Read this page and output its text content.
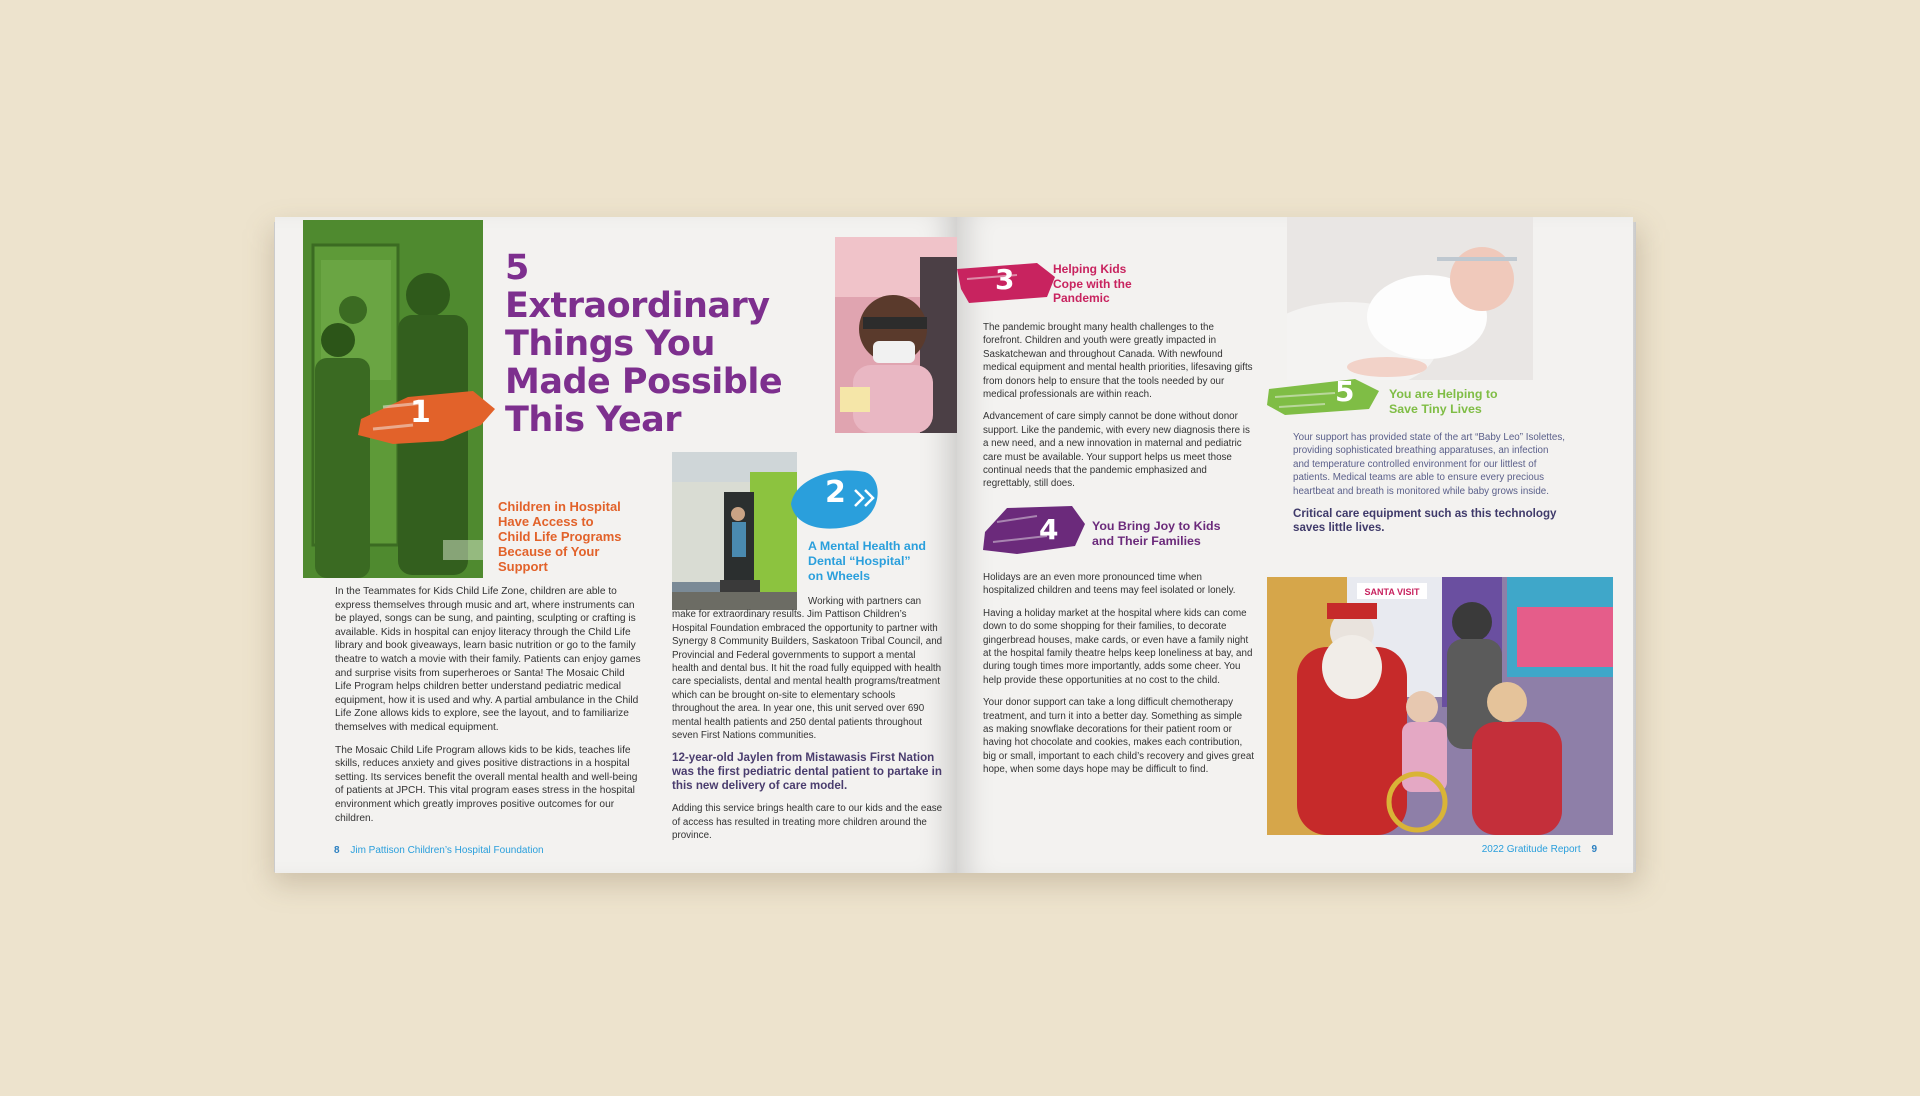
5 Extraordinary
Things You
Made Possible
This Year
1
Children in Hospital
Have Access to
Child Life Programs
Because of Your
Support

In the Teammates for Kids Child Life Zone, children are able to express themselves through music and art, where instruments can be played, songs can be sung, and painting, sculpting or crafting is available. Kids in hospital can enjoy literacy through the Child Life library and book giveaways, learn basic nutrition or go to the family theatre to watch a movie with their family. Patients can enjoy games and surprise visits from superheroes or Santa! The Mosaic Child Life Program helps children better understand pediatric medical equipment, how it is used and why. A partial ambulance in the Child Life Zone allows kids to explore, see the layout, and to familiarize themselves with medical equipment.

The Mosaic Child Life Program allows kids to be kids, teaches life skills, reduces anxiety and gives positive distractions in a hospital setting. Its services benefit the overall mental health and well-being of patients at JPCH. This vital program eases stress in the hospital environment which greatly improves positive outcomes for our children.

2
A Mental Health and
Dental “Hospital”
on Wheels

Working with partners can make for extraordinary results. Jim Pattison Children’s Hospital Foundation embraced the opportunity to partner with Synergy 8 Community Builders, Saskatoon Tribal Council, and Provincial and Federal governments to support a mental health and dental bus. It hit the road fully equipped with health care specialists, dental and mental health programs/treatment which can be brought on-site to elementary schools throughout the area. In year one, this unit served over 690 mental health patients and 250 dental patients throughout seven First Nations communities.

12-year-old Jaylen from Mistawasis First Nation was the first pediatric dental patient to partake in this new delivery of care model.

Adding this service brings health care to our kids and the ease of access has resulted in treating more children around the province.

8 Jim Pattison Children’s Hospital Foundation
3	Helping Kids
Cope with the
Pandemic

The pandemic brought many health challenges to the forefront. Children and youth were greatly impacted in Saskatchewan and throughout Canada. With newfound medical equipment and mental health priorities, lifesaving gifts from donors help to ensure that the tools needed by our medical professionals are within reach.

Advancement of care simply cannot be done without donor support. Like the pandemic, with every new diagnosis there is a new need, and a new innovation in maternal and pediatric care must be available. Your support helps us meet those continual needs that the pandemic emphasized and regrettably, still does.

4	You Bring Joy to Kids
and Their Families

Holidays are an even more pronounced time when hospitalized children and teens may feel isolated or lonely.

Having a holiday market at the hospital where kids can come down to do some shopping for their families, to decorate gingerbread houses, make cards, or even have a family night at the hospital family theatre helps keep loneliness at bay, and during tough times more importantly, adds some cheer. You help provide these opportunities at no cost to the child.

Your donor support can take a long difficult chemotherapy treatment, and turn it into a better day. Something as simple as making snowflake decorations for their patient room or having hot chocolate and cookies, makes each contribution, big or small, important to each child’s recovery and gives great hope, when some days hope may be difficult to find.

5	You are Helping to
Save Tiny Lives

Your support has provided state of the art “Baby Leo” Isolettes, providing sophisticated breathing apparatuses, an infection and temperature controlled environment for our littlest of patients. Medical teams are able to ensure every precious heartbeat and breath is monitored while baby grows inside.

Critical care equipment such as this technology saves little lives.

SANTA VISIT
2022 Gratitude Report 9
